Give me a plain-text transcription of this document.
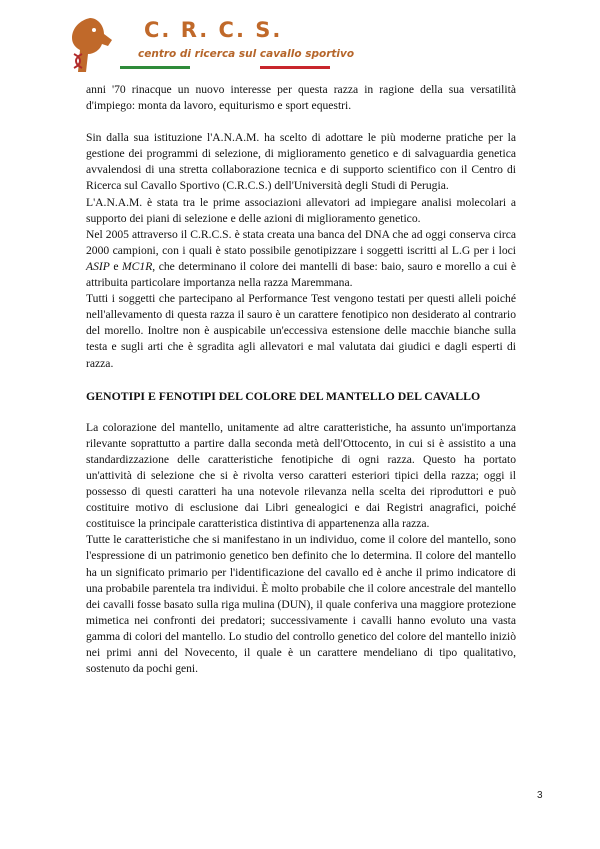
C. R. C. S.
centro di ricerca sul cavallo sportivo

anni '70 rinacque un nuovo interesse per questa razza in ragione della sua versatilità d'impiego: monta da lavoro, equiturismo e sport equestri.

Sin dalla sua istituzione l'A.N.A.M. ha scelto di adottare le più moderne pratiche per la gestione dei programmi di selezione, di miglioramento genetico e di salvaguardia genetica avvalendosi di una stretta collaborazione tecnica e di supporto scientifico con il Centro di Ricerca sul Cavallo Sportivo (C.R.C.S.) dell'Università degli Studi di Perugia.

L'A.N.A.M. è stata tra le prime associazioni allevatori ad impiegare analisi molecolari a supporto dei piani di selezione e delle azioni di miglioramento genetico.

Nel 2005 attraverso il C.R.C.S. è stata creata una banca del DNA che ad oggi conserva circa 2000 campioni, con i quali è stato possibile genotipizzare i soggetti iscritti al L.G per i loci ASIP e MC1R, che determinano il colore dei mantelli di base: baio, sauro e morello a cui è attribuita particolare importanza nella razza Maremmana.

Tutti i soggetti che partecipano al Performance Test vengono testati per questi alleli poiché nell'allevamento di questa razza il sauro è un carattere fenotipico non desiderato al contrario del morello. Inoltre non è auspicabile un'eccessiva estensione delle macchie bianche sulla testa e sugli arti che è sgradita agli allevatori e mal valutata dai giudici e dagli esperti di razza.

GENOTIPI E FENOTIPI DEL COLORE DEL MANTELLO DEL CAVALLO

La colorazione del mantello, unitamente ad altre caratteristiche, ha assunto un'importanza rilevante soprattutto a partire dalla seconda metà dell'Ottocento, in cui si è assistito a una standardizzazione delle caratteristiche fenotipiche di ogni razza. Questo ha portato un'attività di selezione che si è rivolta verso caratteri esteriori tipici della razza; oggi il possesso di questi caratteri ha una notevole rilevanza nella scelta dei riproduttori e può costituire motivo di esclusione dai Libri genealogici e dai Registri anagrafici, poiché costituisce la principale caratteristica distintiva di appartenenza alla razza.

Tutte le caratteristiche che si manifestano in un individuo, come il colore del mantello, sono l'espressione di un patrimonio genetico ben definito che lo determina. Il colore del mantello ha un significato primario per l'identificazione del cavallo ed è anche il primo indicatore di una probabile parentela tra individui. È molto probabile che il colore ancestrale del mantello dei cavalli fosse basato sulla riga mulina (DUN), il quale conferiva una maggiore protezione mimetica nei confronti dei predatori; successivamente i cavalli hanno evoluto una vasta gamma di colori del mantello. Lo studio del controllo genetico del colore del mantello iniziò nei primi anni del Novecento, il quale è un carattere mendeliano di tipo qualitativo, sostenuto da pochi geni.

3
